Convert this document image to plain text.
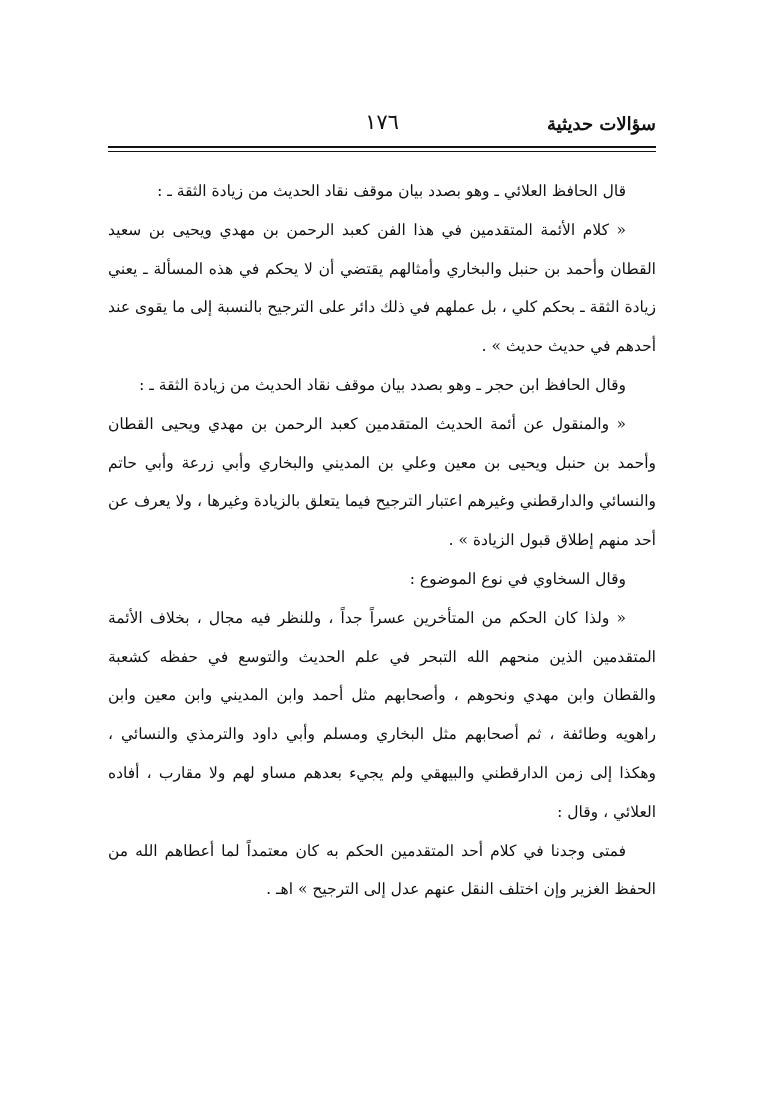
سؤالات حديثية
١٧٦

قال الحافظ العلائي ـ وهو بصدد بيان موقف نقاد الحديث من زيادة الثقة ـ :

« كلام الأئمة المتقدمين في هذا الفن كعبد الرحمن بن مهدي ويحيى بن سعيد القطان وأحمد بن حنبل والبخاري وأمثالهم يقتضي أن لا يحكم في هذه المسألة ـ يعني زيادة الثقة ـ بحكم كلي ، بل عملهم في ذلك دائر على الترجيح بالنسبة إلى ما يقوى عند أحدهم في حديث حديث » .

وقال الحافظ ابن حجر ـ وهو بصدد بيان موقف نقاد الحديث من زيادة الثقة ـ :

« والمنقول عن أئمة الحديث المتقدمين كعبد الرحمن بن مهدي ويحيى القطان وأحمد بن حنبل ويحيى بن معين وعلي بن المديني والبخاري وأبي زرعة وأبي حاتم والنسائي والدارقطني وغيرهم اعتبار الترجيح فيما يتعلق بالزيادة وغيرها ، ولا يعرف عن أحد منهم إطلاق قبول الزيادة » .

وقال السخاوي في نوع الموضوع :

« ولذا كان الحكم من المتأخرين عسراً جداً ، وللنظر فيه مجال ، بخلاف الأئمة المتقدمين الذين منحهم الله التبحر في علم الحديث والتوسع في حفظه كشعبة والقطان وابن مهدي ونحوهم ، وأصحابهم مثل أحمد وابن المديني وابن معين وابن راهويه وطائفة ، ثم أصحابهم مثل البخاري ومسلم وأبي داود والترمذي والنسائي ، وهكذا إلى زمن الدارقطني والبيهقي ولم يجيء بعدهم مساو لهم ولا مقارب ، أفاده العلائي ، وقال :

فمتى وجدنا في كلام أحد المتقدمين الحكم به كان معتمداً لما أعطاهم الله من الحفظ الغزير وإن اختلف النقل عنهم عدل إلى الترجيح » اهـ .
